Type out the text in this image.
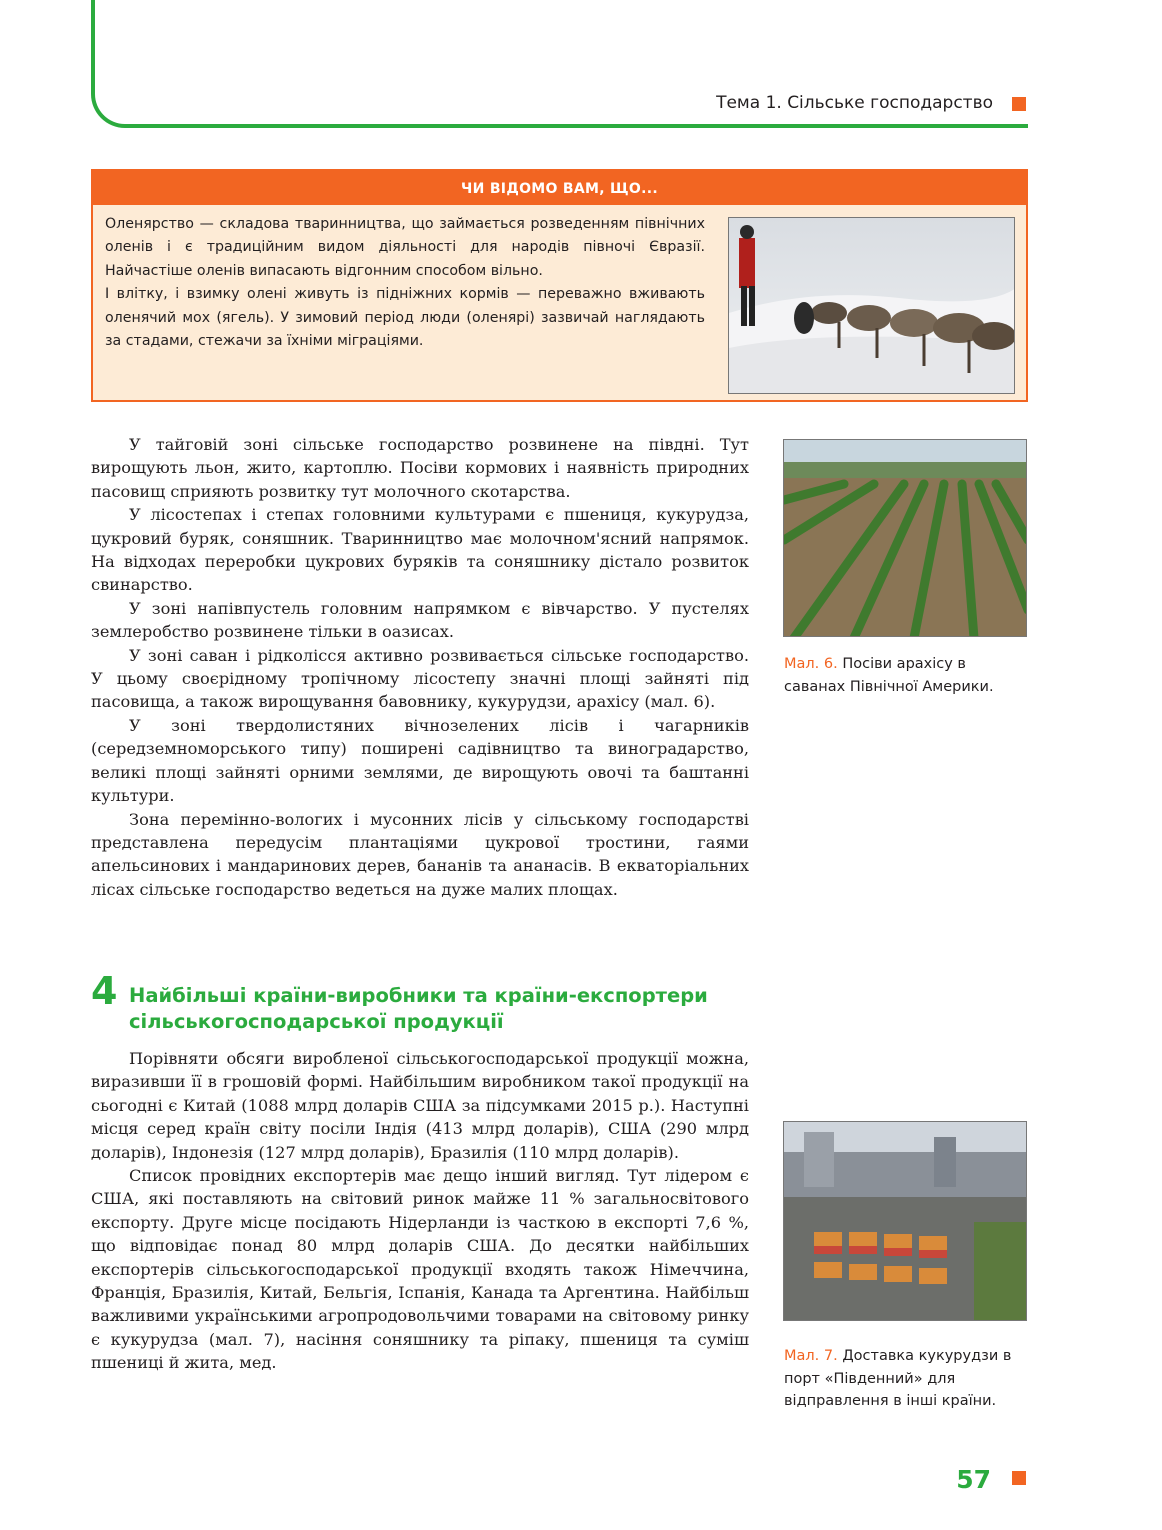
Тема 1. Сільське господарство
ЧИ ВІДОМО ВАМ, ЩО...

Оленярство — складова тваринництва, що займається розведенням північних оленів і є традиційним видом діяльності для народів півночі Євразії. Найчастіше оленів випасають відгонним способом вільно.

І влітку, і взимку олені живуть із підніжних кормів — переважно вживають оленячий мох (ягель). У зимовий період люди (оленярі) зазвичай наглядають за стадами, стежачи за їхніми міграціями.

У тайговій зоні сільське господарство розвинене на півдні. Тут вирощують льон, жито, картоплю. Посіви кормових і наявність природних пасовищ сприяють розвитку тут молочного скотарства.

У лісостепах і степах головними культурами є пшениця, кукурудза, цукровий буряк, соняшник. Тваринництво має молочном'ясний напрямок. На відходах переробки цукрових буряків та соняшнику дістало розвиток свинарство.

У зоні напівпустель головним напрямком є вівчарство. У пустелях землеробство розвинене тільки в оазисах.

У зоні саван і рідколісся активно розвивається сільське господарство. У цьому своєрідному тропічному лісостепу значні площі зайняті під пасовища, а також вирощування бавовнику, кукурудзи, арахісу (мал. 6).

У зоні твердолистяних вічнозелених лісів і чагарників (середземноморського типу) поширені садівництво та виноградарство, великі площі зайняті орними землями, де вирощують овочі та баштанні культури.

Зона перемінно-вологих і мусонних лісів у сільському господарстві представлена передусім плантаціями цукрової тростини, гаями апельсинових і мандаринових дерев, бананів та ананасів. В екваторіальних лісах сільське господарство ведеться на дуже малих площах.

Мал. 6. Посіви арахісу в саванах Північної Америки.
4 Найбільші країни-виробники та країни-експортери сільськогосподарської продукції

Порівняти обсяги виробленої сільськогосподарської продукції можна, виразивши її в грошовій формі. Найбільшим виробником такої продукції на сьогодні є Китай (1088 млрд доларів США за підсумками 2015 р.). Наступні місця серед країн світу посіли Індія (413 млрд доларів), США (290 млрд доларів), Індонезія (127 млрд доларів), Бразилія (110 млрд доларів).

Список провідних експортерів має дещо інший вигляд. Тут лідером є США, які поставляють на світовий ринок майже 11 % загальносвітового експорту. Друге місце посідають Нідерланди із часткою в експорті 7,6 %, що відповідає понад 80 млрд доларів США. До десятки найбільших експортерів сільськогосподарської продукції входять також Німеччина, Франція, Бразилія, Китай, Бельгія, Іспанія, Канада та Аргентина. Найбільш важливими українськими агропродовольчими товарами на світовому ринку є кукурудза (мал. 7), насіння соняшнику та ріпаку, пшениця та суміш пшениці й жита, мед.	Мал. 7. Доставка кукурудзи в порт «Південний» для відправлення в інші країни.
57
